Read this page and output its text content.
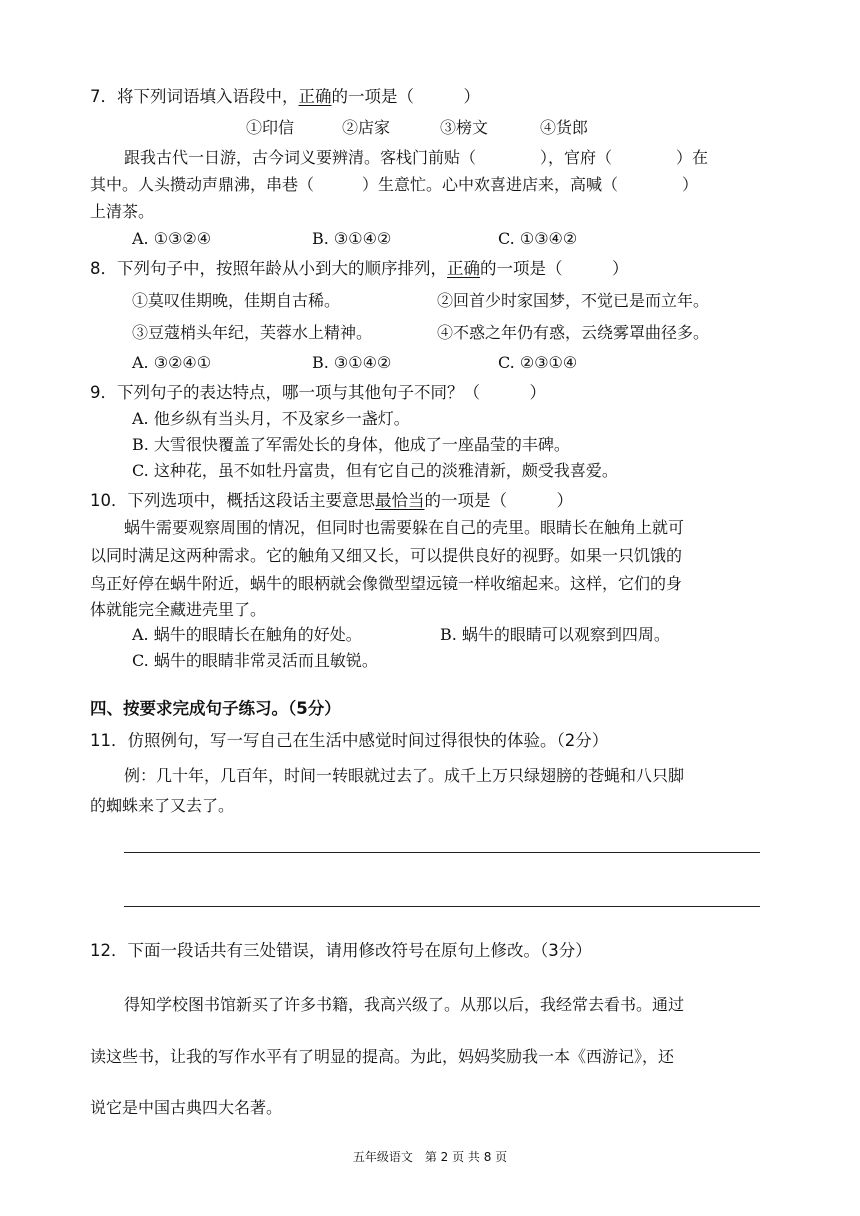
7．将下列词语填入语段中，正确的一项是（　　　）
①印信	②店家	③榜文	④货郎
跟我古代一日游，古今词义要辨清。客栈门前贴（　　　　），官府（　　　　）在
其中。人头攒动声鼎沸，串巷（　　　）生意忙。心中欢喜进店来，高喊（　　　　）
上清茶。
A. ①③②④	B. ③①④②	C. ①③④②
8．下列句子中，按照年龄从小到大的顺序排列，正确的一项是（　　　）
①莫叹佳期晚，佳期自古稀。	②回首少时家国梦，不觉已是而立年。
③豆蔻梢头年纪，芙蓉水上精神。	④不惑之年仍有惑，云绕雾罩曲径多。
A. ③②④①	B. ③①④②	C. ②③①④
9．下列句子的表达特点，哪一项与其他句子不同？（　　　）
A. 他乡纵有当头月，不及家乡一盏灯。
B. 大雪很快覆盖了军需处长的身体，他成了一座晶莹的丰碑。
C. 这种花，虽不如牡丹富贵，但有它自己的淡雅清新，颇受我喜爱。
10．下列选项中，概括这段话主要意思最恰当的一项是（　　　）
蜗牛需要观察周围的情况，但同时也需要躲在自己的壳里。眼睛长在触角上就可
以同时满足这两种需求。它的触角又细又长，可以提供良好的视野。如果一只饥饿的
鸟正好停在蜗牛附近，蜗牛的眼柄就会像微型望远镜一样收缩起来。这样，它们的身
体就能完全藏进壳里了。
A. 蜗牛的眼睛长在触角的好处。	B. 蜗牛的眼睛可以观察到四周。
C. 蜗牛的眼睛非常灵活而且敏锐。
四、按要求完成句子练习。（5分）
11．仿照例句，写一写自己在生活中感觉时间过得很快的体验。（2分）
例：几十年，几百年，时间一转眼就过去了。成千上万只绿翅膀的苍蝇和八只脚
的蜘蛛来了又去了。
12．下面一段话共有三处错误，请用修改符号在原句上修改。（3分）
得知学校图书馆新买了许多书籍，我高兴级了。从那以后，我经常去看书。通过
读这些书，让我的写作水平有了明显的提高。为此，妈妈奖励我一本《西游记》，还
说它是中国古典四大名著。
五年级语文　第 2 页 共 8 页
